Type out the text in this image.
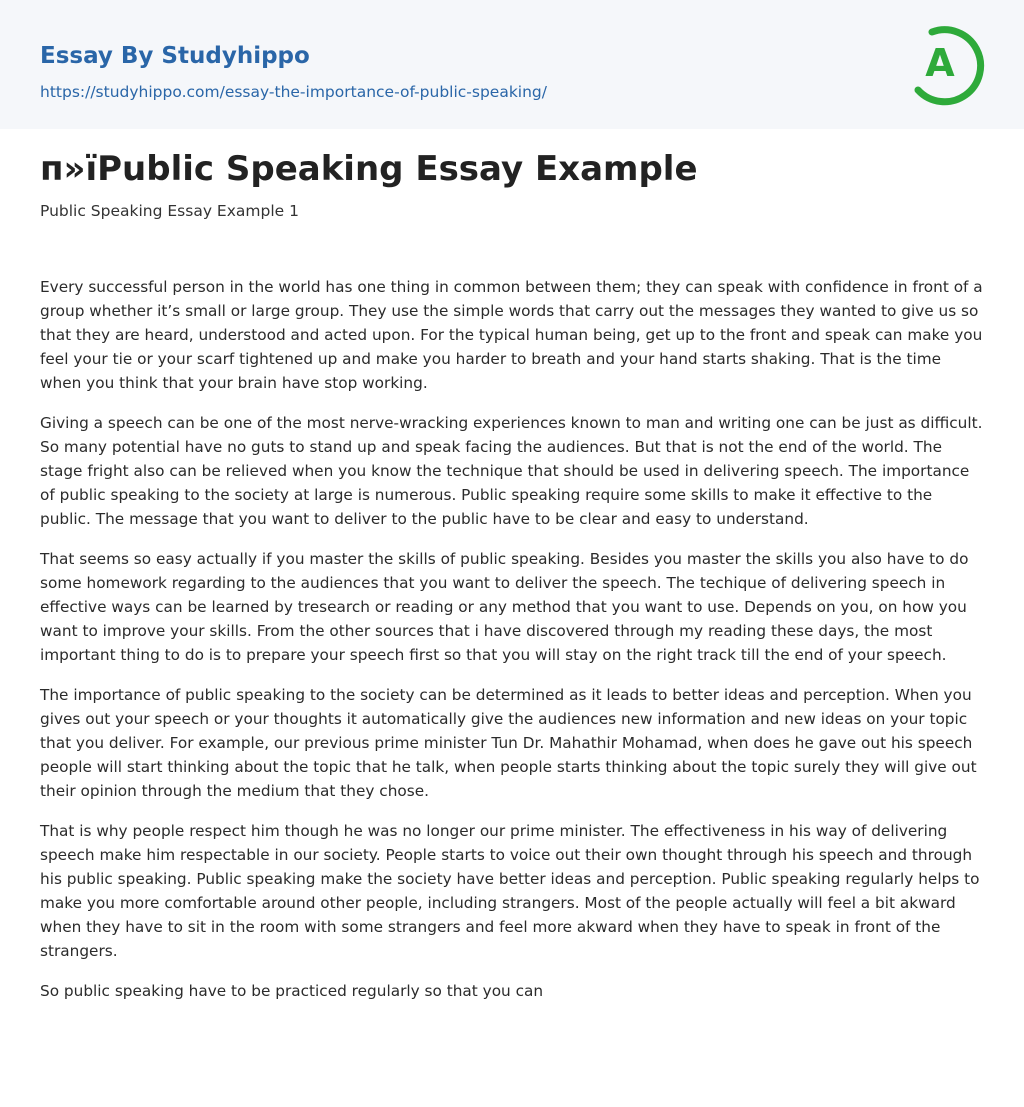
Essay By Studyhippo
https://studyhippo.com/essay-the-importance-of-public-speaking/
A
п»їPublic Speaking Essay Example
Public Speaking Essay Example 1

Every successful person in the world has one thing in common between them; they can speak with confidence in front of a group whether it’s small or large group. They use the simple words that carry out the messages they wanted to give us so that they are heard, understood and acted upon. For the typical human being, get up to the front and speak can make you feel your tie or your scarf tightened up and make you harder to breath and your hand starts shaking. That is the time when you think that your brain have stop working.

Giving a speech can be one of the most nerve-wracking experiences known to man and writing one can be just as difficult. So many potential have no guts to stand up and speak facing the audiences. But that is not the end of the world. The stage fright also can be relieved when you know the technique that should be used in delivering speech. The importance of public speaking to the society at large is numerous. Public speaking require some skills to make it effective to the public. The message that you want to deliver to the public have to be clear and easy to understand.

That seems so easy actually if you master the skills of public speaking. Besides you master the skills you also have to do some homework regarding to the audiences that you want to deliver the speech. The techique of delivering speech in effective ways can be learned by tresearch or reading or any method that you want to use. Depends on you, on how you want to improve your skills. From the other sources that i have discovered through my reading these days, the most important thing to do is to prepare your speech first so that you will stay on the right track till the end of your speech.

The importance of public speaking to the society can be determined as it leads to better ideas and perception. When you gives out your speech or your thoughts it automatically give the audiences new information and new ideas on your topic that you deliver. For example, our previous prime minister Tun Dr. Mahathir Mohamad, when does he gave out his speech people will start thinking about the topic that he talk, when people starts thinking about the topic surely they will give out their opinion through the medium that they chose.

That is why people respect him though he was no longer our prime minister. The effectiveness in his way of delivering speech make him respectable in our society. People starts to voice out their own thought through his speech and through his public speaking. Public speaking make the society have better ideas and perception. Public speaking regularly helps to make you more comfortable around other people, including strangers. Most of the people actually will feel a bit akward when they have to sit in the room with some strangers and feel more akward when they have to speak in front of the strangers.

So public speaking have to be practiced regularly so that you can
